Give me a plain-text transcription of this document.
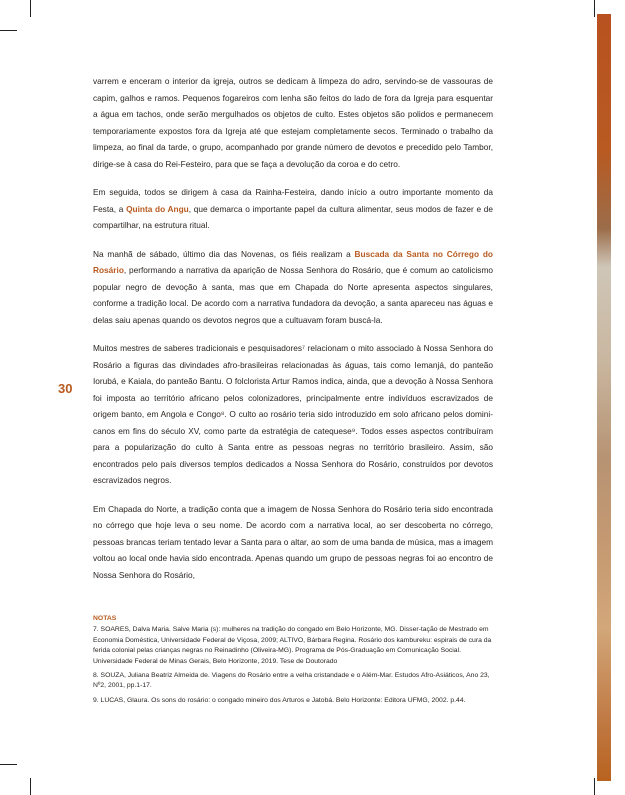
30

varrem e enceram o interior da igreja, outros se dedicam à limpeza do adro, servindo-se de vassouras de capim, galhos e ramos. Pequenos fogareiros com lenha são feitos do lado de fora da Igreja para esquentar a água em tachos, onde serão mergulhados os objetos de culto. Estes objetos são polidos e permanecem temporariamente expostos fora da Igreja até que estejam completamente secos. Terminado o trabalho da limpeza, ao final da tarde, o grupo, acompanhado por grande número de devotos e precedido pelo Tambor, dirige-se à casa do Rei-Festeiro, para que se faça a devolução da coroa e do cetro.

Em seguida, todos se dirigem à casa da Rainha-Festeira, dando início a outro importante momento da Festa, a Quinta do Angu, que demarca o importante papel da cultura alimentar, seus modos de fazer e de compartilhar, na estrutura ritual.

Na manhã de sábado, último dia das Novenas, os fiéis realizam a Buscada da Santa no Córrego do Rosário, performando a narrativa da aparição de Nossa Senhora do Rosário, que é comum ao catolicismo popular negro de devoção à santa, mas que em Chapada do Norte apresenta aspectos singulares, conforme a tradição local. De acordo com a narrativa fundadora da devoção, a santa apareceu nas águas e delas saiu apenas quando os devotos negros que a cultuavam foram buscá-la.

Muitos mestres de saberes tradicionais e pesquisadores⁷ relacionam o mito associado à Nossa Senhora do Rosário a figuras das divindades afro-brasileiras relacionadas às águas, tais como Iemanjá, do panteão Iorubá, e Kaiala, do panteão Bantu. O folclorista Artur Ramos indica, ainda, que a devoção à Nossa Senhora foi imposta ao território africano pelos colonizadores, principalmente entre indivíduos escravizados de origem banto, em Angola e Congo⁸. O culto ao rosário teria sido introduzido em solo africano pelos domini-canos em fins do século XV, como parte da estratégia de catequese⁹. Todos esses aspectos contribuíram para a popularização do culto à Santa entre as pessoas negras no território brasileiro. Assim, são encontrados pelo país diversos templos dedicados a Nossa Senhora do Rosário, construídos por devotos escravizados negros.

Em Chapada do Norte, a tradição conta que a imagem de Nossa Senhora do Rosário teria sido encontrada no córrego que hoje leva o seu nome. De acordo com a narrativa local, ao ser descoberta no córrego, pessoas brancas teriam tentado levar a Santa para o altar, ao som de uma banda de música, mas a imagem voltou ao local onde havia sido encontrada. Apenas quando um grupo de pessoas negras foi ao encontro de Nossa Senhora do Rosário,

NOTAS

7. SOARES, Dalva Maria. Salve Maria (s): mulheres na tradição do congado em Belo Horizonte, MG. Disser-tação de Mestrado em Economia Doméstica, Universidade Federal de Viçosa, 2009; ALTIVO, Bárbara Regina. Rosário dos kambureku: espirais de cura da ferida colonial pelas crianças negras no Reinadinho (Oliveira-MG). Programa de Pós-Graduação em Comunicação Social. Universidade Federal de Minas Gerais, Belo Horizonte, 2019. Tese de Doutorado

8. SOUZA, Juliana Beatriz Almeida de. Viagens do Rosário entre a velha cristandade e o Além-Mar. Estudos Afro-Asiáticos, Ano 23, Nº2, 2001, pp.1-17.

9. LUCAS, Glaura. Os sons do rosário: o congado mineiro dos Arturos e Jatobá. Belo Horizonte: Editora UFMG, 2002. p.44.
